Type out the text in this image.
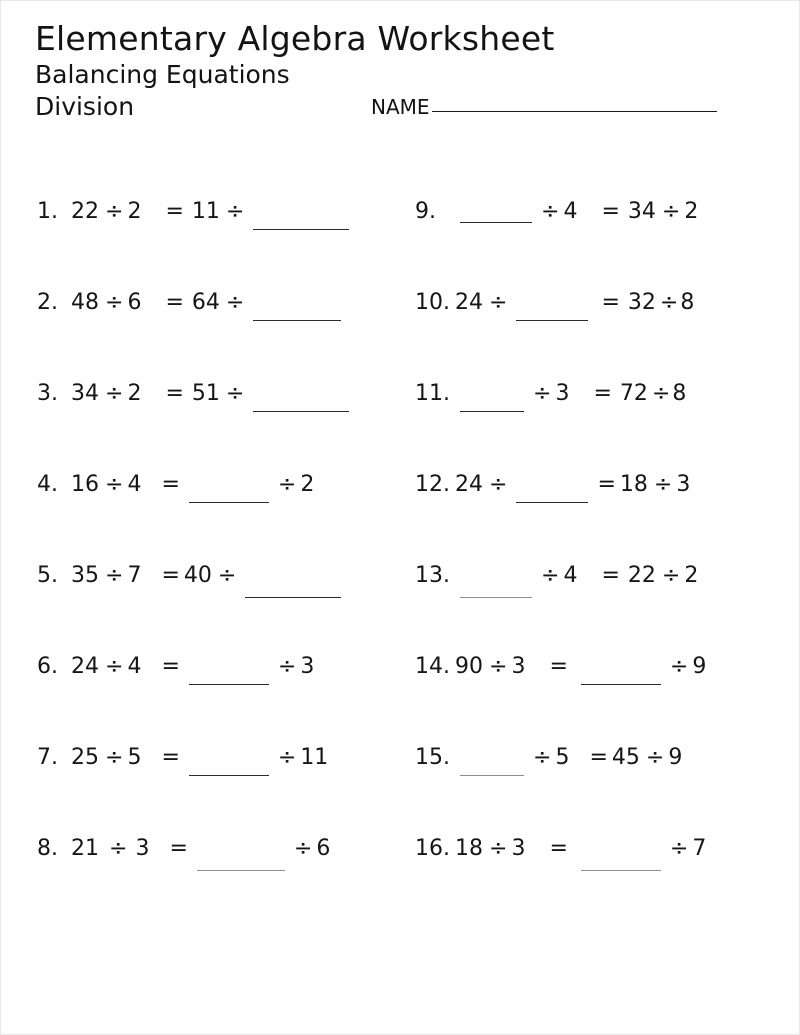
Elementary Algebra Worksheet
Balancing Equations
Division	NAME
1. 22 ÷ 2	= 11 ÷	9.	÷ 4	= 34 ÷ 2
2. 48 ÷ 6	= 64 ÷	10. 24 ÷	= 32 ÷ 8
3. 34 ÷ 2	= 51 ÷	11.	÷ 3	= 72 ÷ 8
4. 16 ÷ 4 =	÷ 2	12. 24 ÷	= 18 ÷ 3
5. 35 ÷ 7 = 40 ÷	13.	÷ 4	= 22 ÷ 2
6. 24 ÷ 4 =	÷ 3	14. 90 ÷ 3	=	÷ 9
7. 25 ÷ 5 =	÷ 11	15.	÷ 5 = 45 ÷ 9
8. 21 ÷ 3 =	÷ 6	16. 18 ÷ 3	=	÷ 7
